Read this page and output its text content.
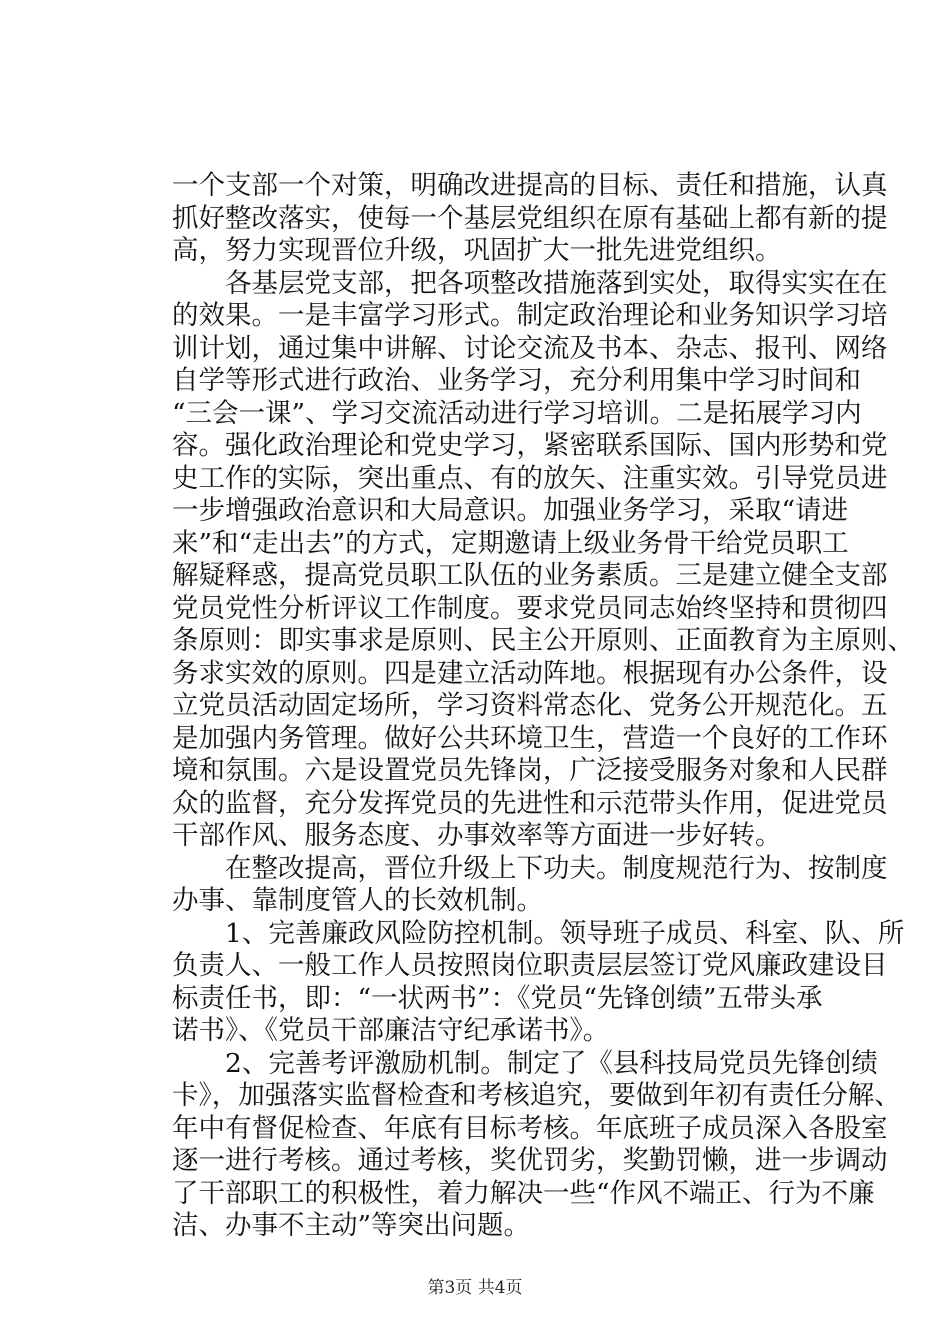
一个支部一个对策，明确改进提高的目标、责任和措施，认真
抓好整改落实，使每一个基层党组织在原有基础上都有新的提
高，努力实现晋位升级，巩固扩大一批先进党组织。
　　各基层党支部，把各项整改措施落到实处，取得实实在在
的效果。一是丰富学习形式。制定政治理论和业务知识学习培
训计划，通过集中讲解、讨论交流及书本、杂志、报刊、网络
自学等形式进行政治、业务学习，充分利用集中学习时间和
“三会一课”、学习交流活动进行学习培训。二是拓展学习内
容。强化政治理论和党史学习，紧密联系国际、国内形势和党
史工作的实际，突出重点、有的放矢、注重实效。引导党员进
一步增强政治意识和大局意识。加强业务学习，采取“请进
来”和“走出去”的方式，定期邀请上级业务骨干给党员职工
解疑释惑，提高党员职工队伍的业务素质。三是建立健全支部
党员党性分析评议工作制度。要求党员同志始终坚持和贯彻四
条原则：即实事求是原则、民主公开原则、正面教育为主原则、
务求实效的原则。四是建立活动阵地。根据现有办公条件，设
立党员活动固定场所，学习资料常态化、党务公开规范化。五
是加强内务管理。做好公共环境卫生，营造一个良好的工作环
境和氛围。六是设置党员先锋岗，广泛接受服务对象和人民群
众的监督，充分发挥党员的先进性和示范带头作用，促进党员
干部作风、服务态度、办事效率等方面进一步好转。
　　在整改提高，晋位升级上下功夫。制度规范行为、按制度
办事、靠制度管人的长效机制。
　　1、完善廉政风险防控机制。领导班子成员、科室、队、所
负责人、一般工作人员按照岗位职责层层签订党风廉政建设目
标责任书，即：“一状两书”：《党员“先锋创绩”五带头承
诺书》、《党员干部廉洁守纪承诺书》。
　　2、完善考评激励机制。制定了《县科技局党员先锋创绩
卡》，加强落实监督检查和考核追究，要做到年初有责任分解、
年中有督促检查、年底有目标考核。年底班子成员深入各股室
逐一进行考核。通过考核，奖优罚劣，奖勤罚懒，进一步调动
了干部职工的积极性，着力解决一些“作风不端正、行为不廉
洁、办事不主动”等突出问题。
第3页 共4页
